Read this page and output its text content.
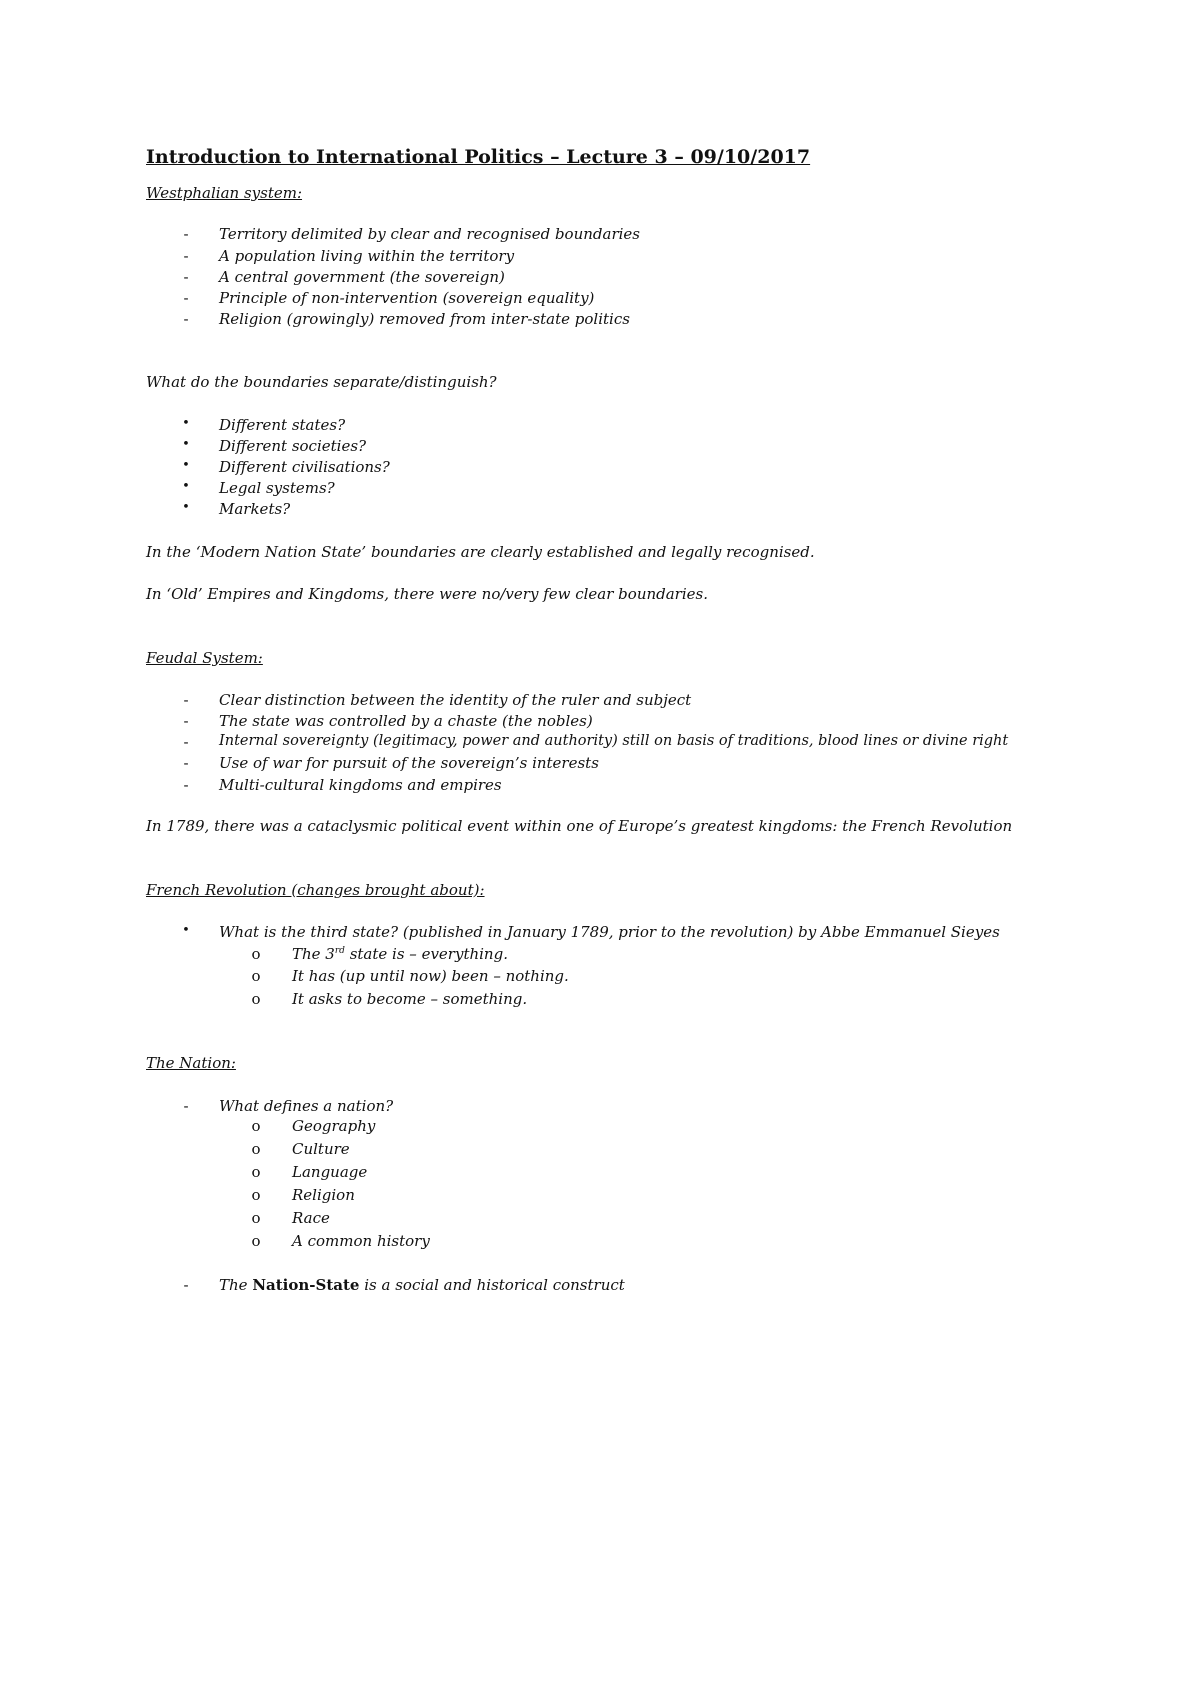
Introduction to International Politics – Lecture 3 – 09/10/2017
Westphalian system:
-	Territory delimited by clear and recognised boundaries
-	A population living within the territory
-	A central government (the sovereign)
-	Principle of non-intervention (sovereign equality)
-	Religion (growingly) removed from inter-state politics
What do the boundaries separate/distinguish?
•	Different states?
•	Different societies?
•	Different civilisations?
•	Legal systems?
•	Markets?
In the ‘Modern Nation State’ boundaries are clearly established and legally recognised.
In ‘Old’ Empires and Kingdoms, there were no/very few clear boundaries.
Feudal System:
-	Clear distinction between the identity of the ruler and subject
-	The state was controlled by a chaste (the nobles)
-	Internal sovereignty (legitimacy, power and authority) still on basis of traditions, blood lines or divine right
-	Use of war for pursuit of the sovereign’s interests
-	Multi-cultural kingdoms and empires
In 1789, there was a cataclysmic political event within one of Europe’s greatest kingdoms: the French Revolution
French Revolution (changes brought about):
•	What is the third state? (published in January 1789, prior to the revolution) by Abbe Emmanuel Sieyes
o	The 3rd state is – everything.
o	It has (up until now) been – nothing.
o	It asks to become – something.
The Nation:
-	What defines a nation?
o	Geography
o	Culture
o	Language
o	Religion
o	Race
o	A common history
-	The Nation-State is a social and historical construct
